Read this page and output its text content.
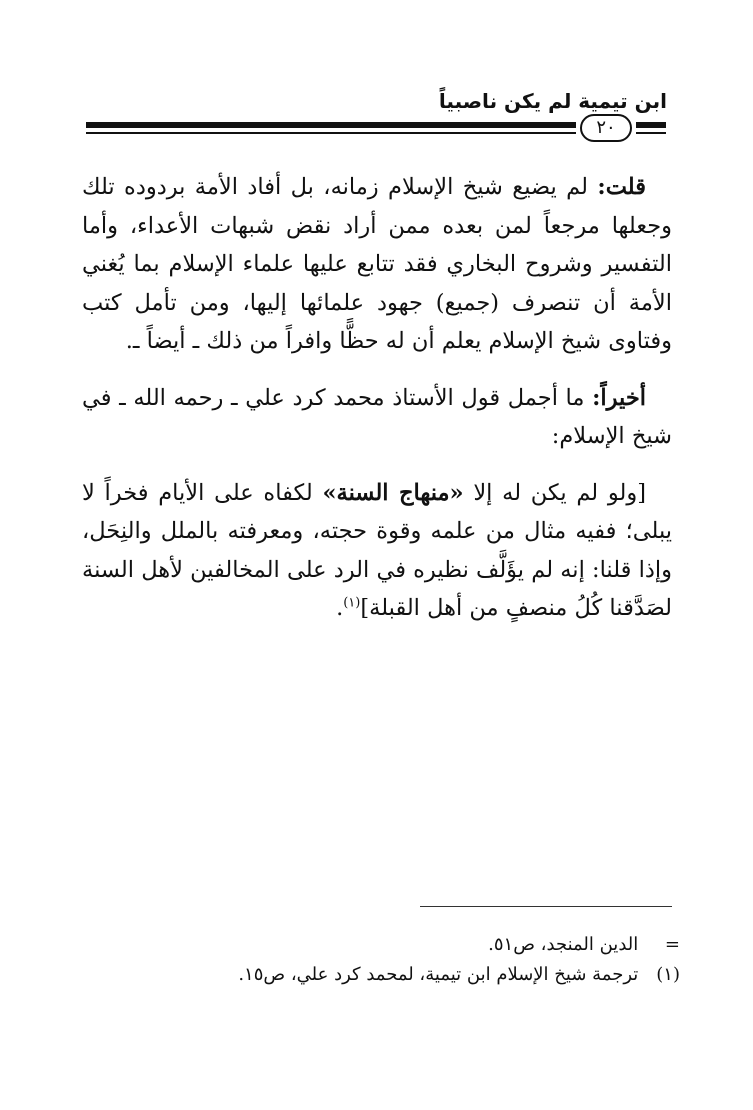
ابن تيمية لم يكن ناصبياً
٢٠

قلت: لم يضيع شيخ الإسلام زمانه، بل أفاد الأمة بردوده تلك وجعلها مرجعاً لمن بعده ممن أراد نقض شبهات الأعداء، وأما التفسير وشروح البخاري فقد تتابع عليها علماء الإسلام بما يُغني الأمة أن تنصرف (جميع) جهود علمائها إليها، ومن تأمل كتب وفتاوى شيخ الإسلام يعلم أن له حظًّا وافراً من ذلك ـ أيضاً ـ.

أخيراً: ما أجمل قول الأستاذ محمد كرد علي ـ رحمه الله ـ في شيخ الإسلام:

[ولو لم يكن له إلا «منهاج السنة» لكفاه على الأيام فخراً لا يبلى؛ ففيه مثال من علمه وقوة حجته، ومعرفته بالملل والنِحَل، وإذا قلنا: إنه لم يؤَلَّف نظيره في الرد على المخالفين لأهل السنة لصَدَّقنا كُلُ منصفٍ من أهل القبلة]$^{(١)}$.

= الدين المنجد، ص٥١.
(١) ترجمة شيخ الإسلام ابن تيمية، لمحمد كرد علي، ص١٥.
